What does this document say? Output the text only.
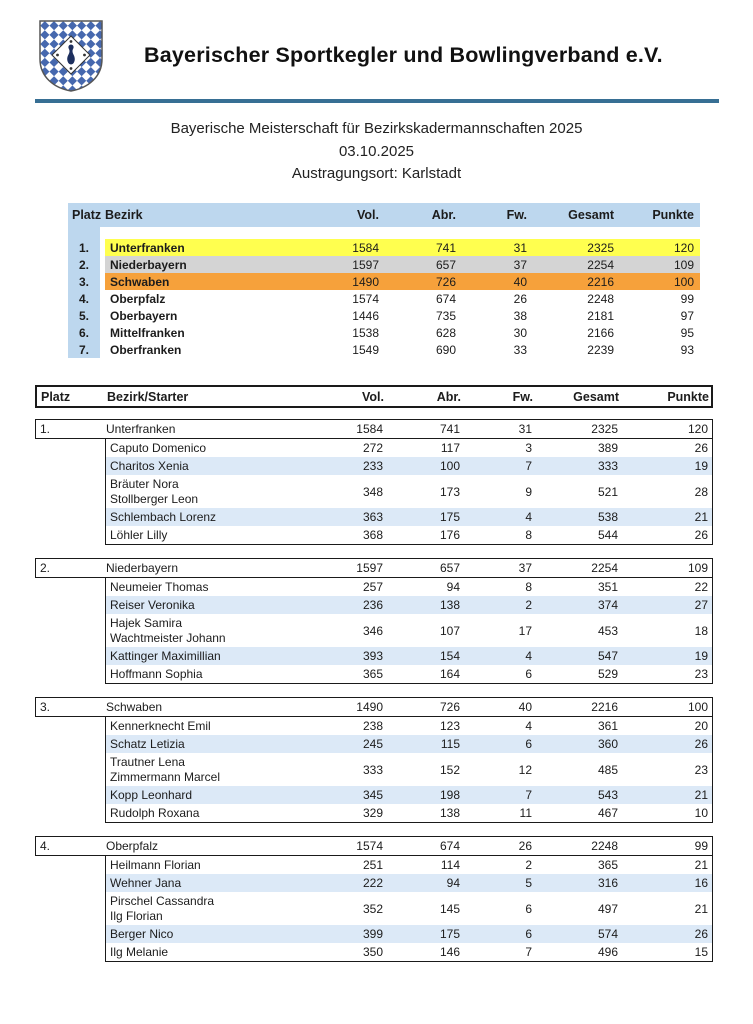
Bayerischer Sportkegler und Bowlingverband e.V.
Bayerische Meisterschaft für Bezirkskadermannschaften 2025
03.10.2025
Austragungsort: Karlstadt
Platz Bezirk	Vol.	Abr.	Fw.	Gesamt	Punkte
1.	Unterfranken	1584	741	31	2325	120
2.	Niederbayern	1597	657	37	2254	109
3.	Schwaben	1490	726	40	2216	100
4.	Oberpfalz	1574	674	26	2248	99
5.	Oberbayern	1446	735	38	2181	97
6.	Mittelfranken	1538	628	30	2166	95
7.	Oberfranken	1549	690	33	2239	93
Platz	Bezirk/Starter	Vol.	Abr.	Fw.	Gesamt	Punkte
1.	Unterfranken	1584	741	31	2325	120
Caputo Domenico	272	117	3	389	26
Charitos Xenia	233	100	7	333	19
Bräuter Nora
Stollberger Leon	348	173	9	521	28
Schlembach Lorenz	363	175	4	538	21
Löhler Lilly	368	176	8	544	26
2.	Niederbayern	1597	657	37	2254	109
Neumeier Thomas	257	94	8	351	22
Reiser Veronika	236	138	2	374	27
Hajek Samira
Wachtmeister Johann	346	107	17	453	18
Kattinger Maximillian	393	154	4	547	19
Hoffmann Sophia	365	164	6	529	23
3.	Schwaben	1490	726	40	2216	100
Kennerknecht Emil	238	123	4	361	20
Schatz Letizia	245	115	6	360	26
Trautner Lena
Zimmermann Marcel	333	152	12	485	23
Kopp Leonhard	345	198	7	543	21
Rudolph Roxana	329	138	11	467	10
4.	Oberpfalz	1574	674	26	2248	99
Heilmann Florian	251	114	2	365	21
Wehner Jana	222	94	5	316	16
Pirschel Cassandra
Ilg Florian	352	145	6	497	21
Berger Nico	399	175	6	574	26
Ilg Melanie	350	146	7	496	15
